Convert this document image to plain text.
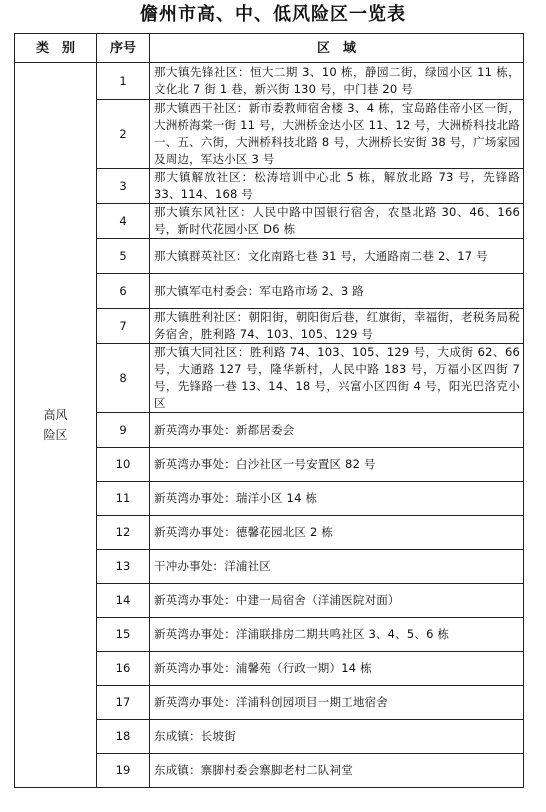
儋州市高、中、低风险区一览表
类　别	序号	区　域
高风险区	1	那大镇先锋社区：恒大二期 3、10 栋，静园二街，绿园小区 11 栋，文化北 7 街 1 巷，新兴街 130 号，中门巷 20 号
	2	那大镇西干社区：新市委教师宿舍楼 3、4 栋，宝岛路佳帝小区一街，大洲桥海棠一街 11 号，大洲桥金达小区 11、12 号，大洲桥科技北路一、五、六街，大洲桥科技北路 8 号，大洲桥长安街 38 号，广场家园及周边，军达小区 3 号
	3	那大镇解放社区：松涛培训中心北 5 栋，解放北路 73 号，先锋路 33、114、168 号
	4	那大镇东风社区：人民中路中国银行宿舍，农垦北路 30、46、166 号，新时代花园小区 D6 栋
	5	那大镇群英社区：文化南路七巷 31 号，大通路南二巷 2、17 号
	6	那大镇军屯村委会：军屯路市场 2、3 路
	7	那大镇胜利社区：朝阳街，朝阳街后巷，红旗街，幸福街，老税务局税务宿舍，胜利路 74、103、105、129 号
	8	那大镇大同社区：胜利路 74、103、105、129 号，大成街 62、66 号，大通路 127 号，隆华新村，人民中路 183 号，万福小区四街 7 号，先锋路一巷 13、14、18 号，兴富小区四街 4 号，阳光巴洛克小区
	9	新英湾办事处：新都居委会
	10	新英湾办事处：白沙社区一号安置区 82 号
	11	新英湾办事处：瑞洋小区 14 栋
	12	新英湾办事处：德馨花园北区 2 栋
	13	干冲办事处：洋浦社区
	14	新英湾办事处：中建一局宿舍（洋浦医院对面）
	15	新英湾办事处：洋浦联排房二期共鸣社区 3、4、5、6 栋
	16	新英湾办事处：浦馨苑（行政一期）14 栋
	17	新英湾办事处：洋浦科创园项目一期工地宿舍
	18	东成镇：长坡街
	19	东成镇：寨脚村委会寨脚老村二队祠堂
